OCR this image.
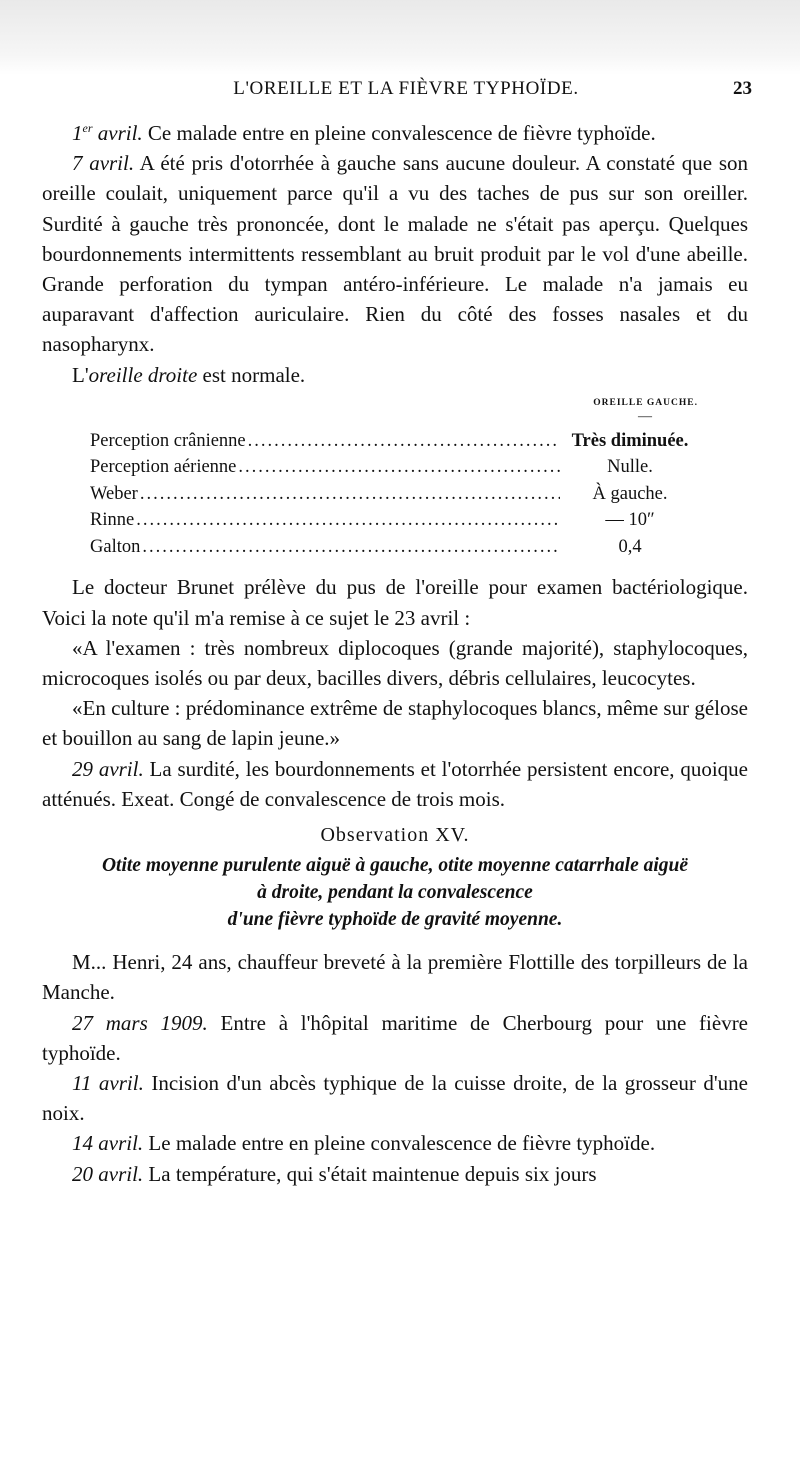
L'OREILLE ET LA FIÈVRE TYPHOÏDE.	23

1er avril. Ce malade entre en pleine convalescence de fièvre typhoïde.

7 avril. A été pris d'otorrhée à gauche sans aucune douleur. A constaté que son oreille coulait, uniquement parce qu'il a vu des taches de pus sur son oreiller. Surdité à gauche très prononcée, dont le malade ne s'était pas aperçu. Quelques bourdonnements intermittents ressemblant au bruit produit par le vol d'une abeille. Grande perforation du tympan antéro-inférieure. Le malade n'a jamais eu auparavant d'affection auriculaire. Rien du côté des fosses nasales et du nasopharynx.

L'oreille droite est normale.

OREILLE GAUCHE.
—
Perception crânienne .....	Très diminuée.
Perception aérienne .....	Nulle.
Weber .....	À gauche.
Rinne .....	— 10″
Galton .....	0,4

Le docteur Brunet prélève du pus de l'oreille pour examen bactériologique. Voici la note qu'il m'a remise à ce sujet le 23 avril :

«A l'examen : très nombreux diplocoques (grande majorité), staphylocoques, microcoques isolés ou par deux, bacilles divers, débris cellulaires, leucocytes.

«En culture : prédominance extrême de staphylocoques blancs, même sur gélose et bouillon au sang de lapin jeune.»

29 avril. La surdité, les bourdonnements et l'otorrhée persistent encore, quoique atténués. Exeat. Congé de convalescence de trois mois.

Observation XV.
Otite moyenne purulente aiguë à gauche, otite moyenne catarrhale aiguë
à droite, pendant la convalescence
d'une fièvre typhoïde de gravité moyenne.

M... Henri, 24 ans, chauffeur breveté à la première Flottille des torpilleurs de la Manche.

27 mars 1909. Entre à l'hôpital maritime de Cherbourg pour une fièvre typhoïde.

11 avril. Incision d'un abcès typhique de la cuisse droite, de la grosseur d'une noix.

14 avril. Le malade entre en pleine convalescence de fièvre typhoïde.

20 avril. La température, qui s'était maintenue depuis six jours
